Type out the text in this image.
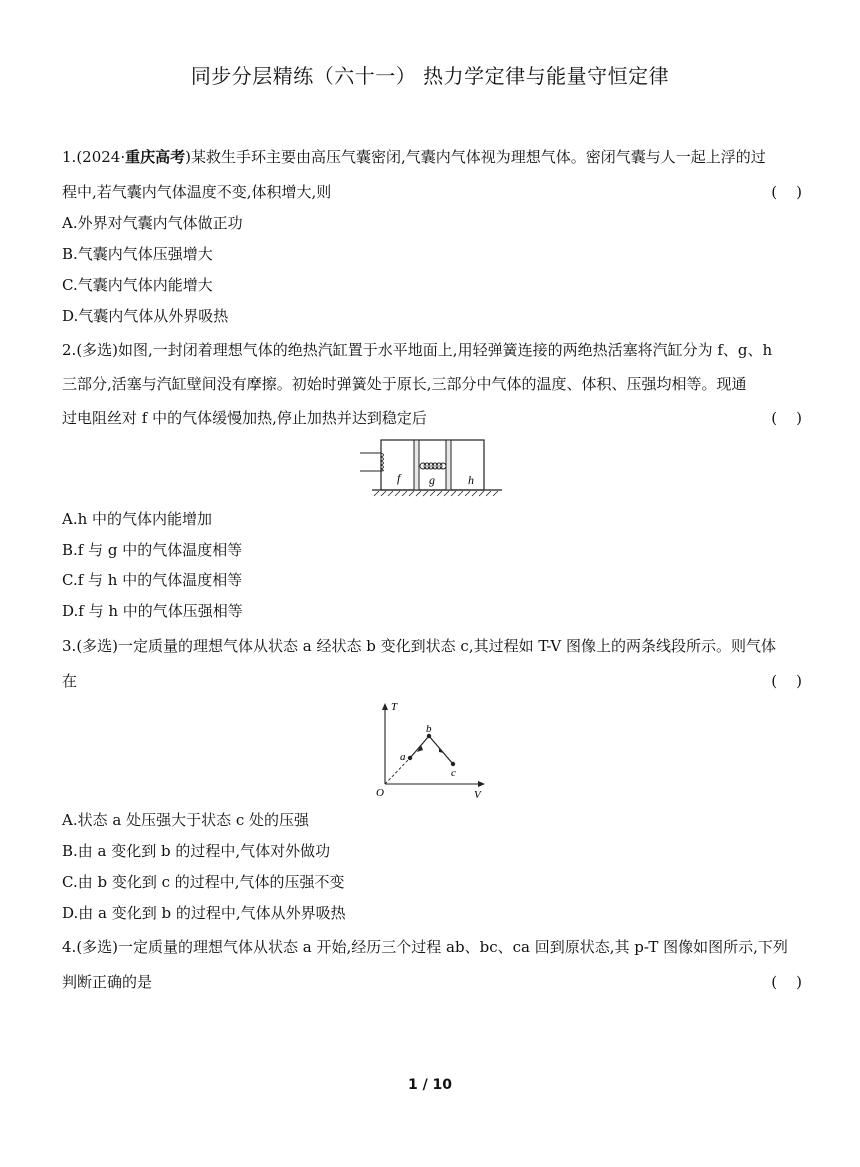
同步分层精练（六十一） 热力学定律与能量守恒定律
1.(2024·重庆高考)某救生手环主要由高压气囊密闭,气囊内气体视为理想气体。密闭气囊与人一起上浮的过
程中,若气囊内气体温度不变,体积增大,则	(    )
A.外界对气囊内气体做正功
B.气囊内气体压强增大
C.气囊内气体内能增大
D.气囊内气体从外界吸热
2.(多选)如图,一封闭着理想气体的绝热汽缸置于水平地面上,用轻弹簧连接的两绝热活塞将汽缸分为 f、g、h
三部分,活塞与汽缸壁间没有摩擦。初始时弹簧处于原长,三部分中气体的温度、体积、压强均相等。现通
过电阻丝对 f 中的气体缓慢加热,停止加热并达到稳定后	(    )
f g	h
A.h 中的气体内能增加
B.f 与 g 中的气体温度相等
C.f 与 h 中的气体温度相等
D.f 与 h 中的气体压强相等
3.(多选)一定质量的理想气体从状态 a 经状态 b 变化到状态 c,其过程如 T-V 图像上的两条线段所示。则气体
在	(    )
T
V
O
a
b
c
A.状态 a 处压强大于状态 c 处的压强
B.由 a 变化到 b 的过程中,气体对外做功
C.由 b 变化到 c 的过程中,气体的压强不变
D.由 a 变化到 b 的过程中,气体从外界吸热
4.(多选)一定质量的理想气体从状态 a 开始,经历三个过程 ab、bc、ca 回到原状态,其 p-T 图像如图所示,下列
判断正确的是	(    )
1 / 10
